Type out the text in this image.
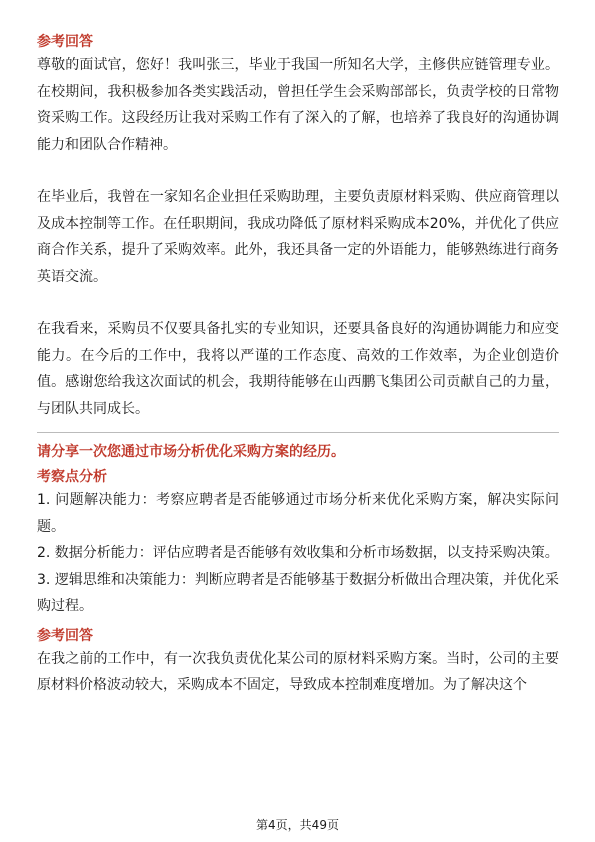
参考回答

尊敬的面试官，您好！我叫张三，毕业于我国一所知名大学，主修供应链管理专业。在校期间，我积极参加各类实践活动，曾担任学生会采购部部长，负责学校的日常物资采购工作。这段经历让我对采购工作有了深入的了解，也培养了我良好的沟通协调能力和团队合作精神。

在毕业后，我曾在一家知名企业担任采购助理，主要负责原材料采购、供应商管理以及成本控制等工作。在任职期间，我成功降低了原材料采购成本20%，并优化了供应商合作关系，提升了采购效率。此外，我还具备一定的外语能力，能够熟练进行商务英语交流。

在我看来，采购员不仅要具备扎实的专业知识，还要具备良好的沟通协调能力和应变能力。在今后的工作中，我将以严谨的工作态度、高效的工作效率，为企业创造价值。感谢您给我这次面试的机会，我期待能够在山西鹏飞集团公司贡献自己的力量，与团队共同成长。

请分享一次您通过市场分析优化采购方案的经历。
考察点分析

1. 问题解决能力：考察应聘者是否能够通过市场分析来优化采购方案，解决实际问题。

2. 数据分析能力：评估应聘者是否能够有效收集和分析市场数据，以支持采购决策。

3. 逻辑思维和决策能力：判断应聘者是否能够基于数据分析做出合理决策，并优化采购过程。

参考回答

在我之前的工作中，有一次我负责优化某公司的原材料采购方案。当时，公司的主要原材料价格波动较大，采购成本不固定，导致成本控制难度增加。为了解决这个

第4页，共49页
